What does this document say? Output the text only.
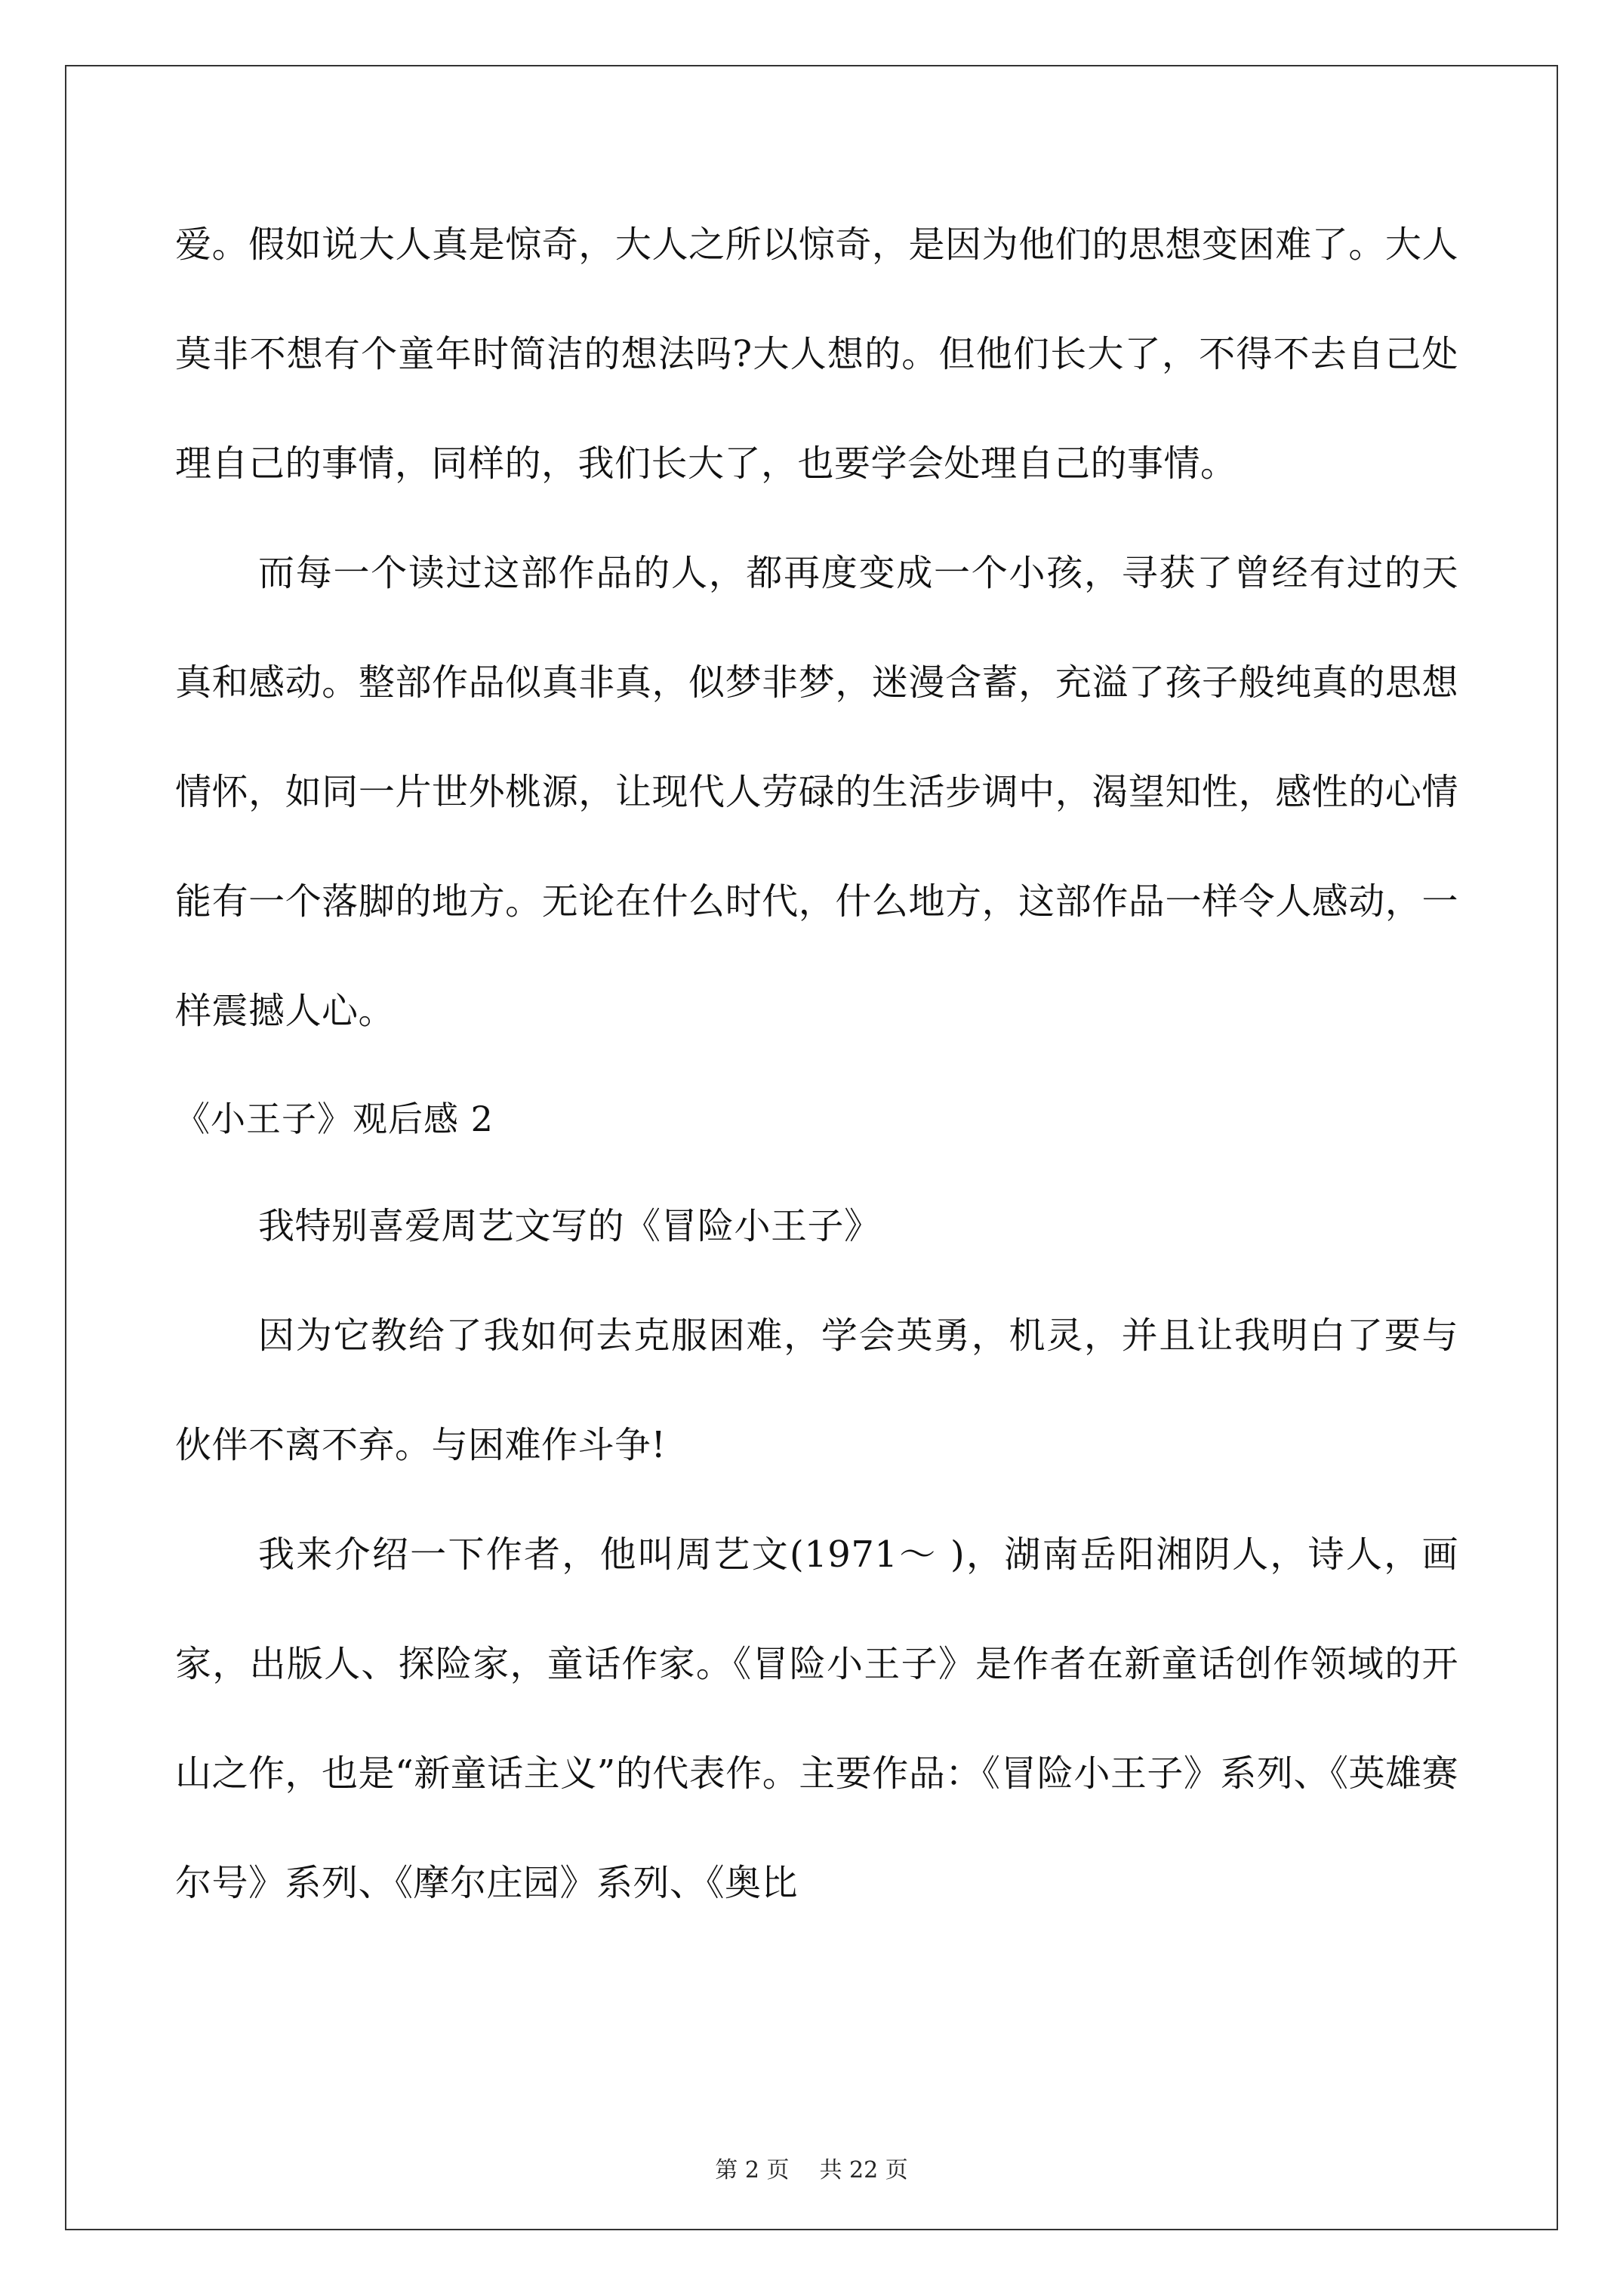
爱。假如说大人真是惊奇，大人之所以惊奇，是因为他们的思想变困难了。大人莫非不想有个童年时简洁的想法吗?大人想的。但他们长大了，不得不去自己处理自己的事情，同样的，我们长大了，也要学会处理自己的事情。

而每一个读过这部作品的人，都再度变成一个小孩，寻获了曾经有过的天真和感动。整部作品似真非真，似梦非梦，迷漫含蓄，充溢了孩子般纯真的思想情怀，如同一片世外桃源，让现代人劳碌的生活步调中，渴望知性，感性的心情能有一个落脚的地方。无论在什么时代，什么地方，这部作品一样令人感动，一样震撼人心。

《小王子》观后感 2

我特别喜爱周艺文写的《冒险小王子》

因为它教给了我如何去克服困难，学会英勇，机灵，并且让我明白了要与伙伴不离不弃。与困难作斗争!

我来介绍一下作者，他叫周艺文(1971～ )，湖南岳阳湘阴人，诗人，画家，出版人、探险家，童话作家。《冒险小王子》是作者在新童话创作领域的开山之作，也是“新童话主义”的代表作。主要作品：《冒险小王子》系列、《英雄赛尔号》系列、《摩尔庄园》系列、《奥比

第 2 页 共 22 页
